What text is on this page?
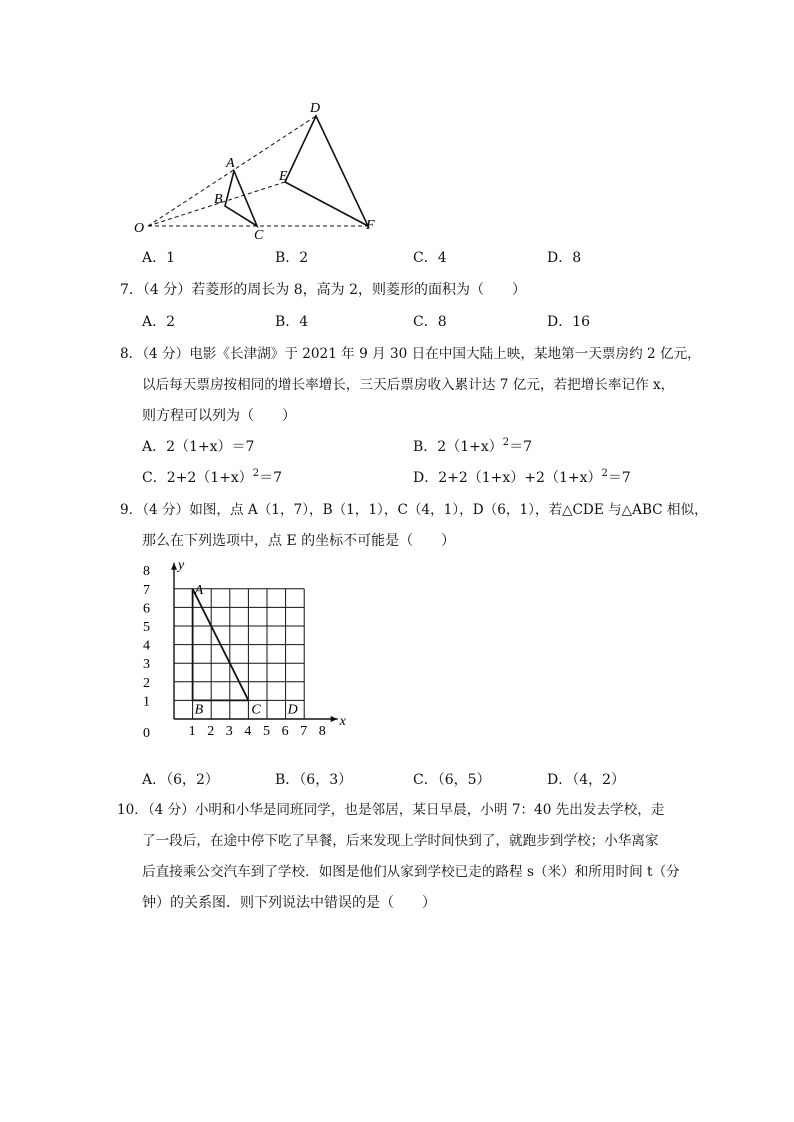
O
A
B
C
D
E
F
A．1	B．2	C．4	D．8
7．（4 分）若菱形的周长为 8，高为 2，则菱形的面积为（　　）
A．2	B．4	C．8	D．16
8．（4 分）电影《长津湖》于 2021 年 9 月 30 日在中国大陆上映，某地第一天票房约 2 亿元，
以后每天票房按相同的增长率增长，三天后票房收入累计达 7 亿元，若把增长率记作 x，
则方程可以列为（　　）
A．2（1+x）＝7	B．$2(1+x)^2=7$
C．$2+2(1+x)^2=7$	D．$2+2(1+x)+2(1+x)^2=7$
9．（4 分）如图，点 A（1，7），B（1，1），C（4，1），D（6，1），若△CDE 与△ABC 相似，
那么在下列选项中，点 E 的坐标不可能是（　　）
1 2 3 4 5 6 7 8
1
2
3
4
5
6
7
8
0
x
y
A
B	C D
A．（6，2）	B．（6，3）	C．（6，5）	D．（4，2）
10．（4 分）小明和小华是同班同学，也是邻居，某日早晨，小明 7：40 先出发去学校，走
了一段后，在途中停下吃了早餐，后来发现上学时间快到了，就跑步到学校；小华离家
后直接乘公交汽车到了学校．如图是他们从家到学校已走的路程 s（米）和所用时间 t（分
钟）的关系图．则下列说法中错误的是（　　）
